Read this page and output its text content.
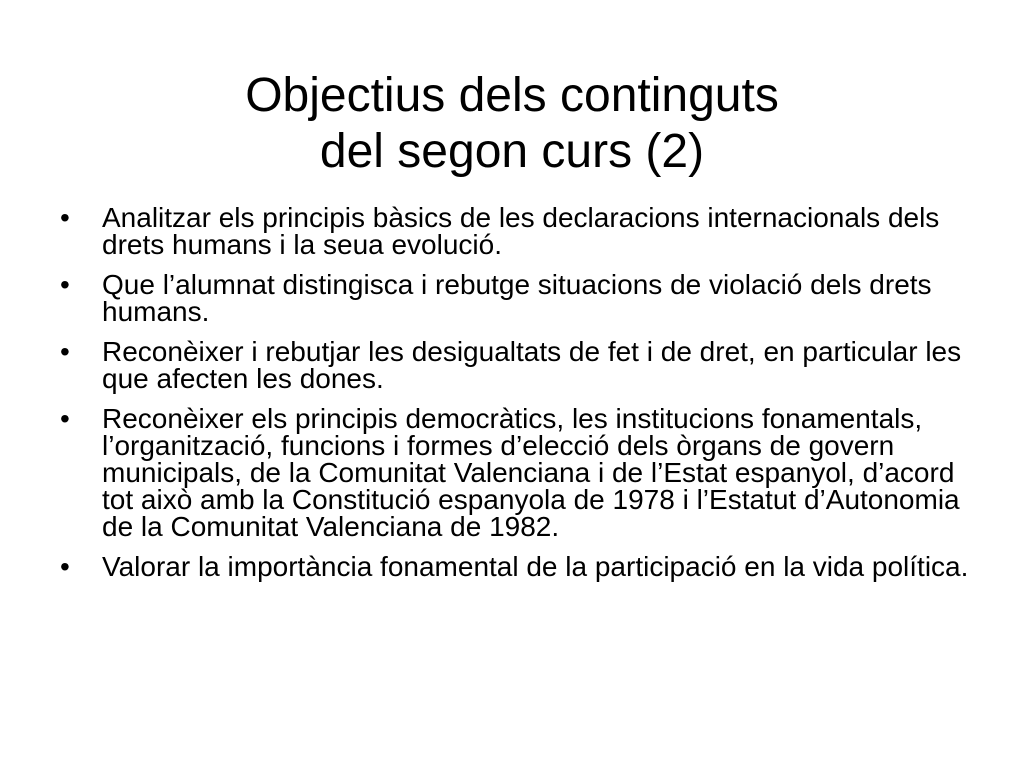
Objectius dels continguts
del segon curs (2)
•	Analitzar els principis bàsics de les declaracions internacionals dels drets humans i la seua evolució.
•	Que l’alumnat distingisca i rebutge situacions de violació dels drets humans.
•	Reconèixer i rebutjar les desigualtats de fet i de dret, en particular les que afecten les dones.
•	Reconèixer els principis democràtics, les institucions fonamentals, l’organització, funcions i formes d’elecció dels òrgans de govern municipals, de la Comunitat Valenciana i de l’Estat espanyol, d’acord tot això amb la Constitució espanyola de 1978 i l’Estatut d’Autonomia de la Comunitat Valenciana de 1982.
•	Valorar la importància fonamental de la participació en la vida política.
